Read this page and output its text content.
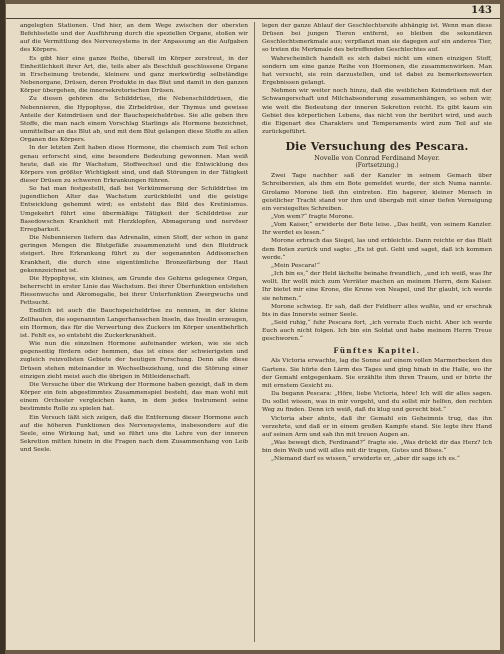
143

angelegten Stationen. Und hier, an dem Wege zwischen der obersten Befehlsstelle und der Ausführung durch die speziellen Organe, stoßen wir auf die Vermittlung des Nervensystems in der Anpassung an die Aufgaben des Körpers.

Es gibt hier eine ganze Reihe, überall im Körper zerstreut, in der Einheitlichkeit ihrer Art, die, teils aber als Beschluß geschlossene Organe in Erscheinung tretende, kleinere und ganz merkwürdig selbständige Nebenorgane, Drüsen, deren Produkte in das Blut und damit in den ganzen Körper übergehen, die innersekretorischen Drüsen.

Zu diesen gehören die Schilddrüse, die Nebenschilddrüsen, die Nebennieren, die Hypophyse, die Zirbeldrüse, der Thymus und gewisse Anteile der Keimdrüsen und der Bauchspeicheldrüse. Sie alle geben ihre Stoffe, die man nach einem Vorschlag Starlings als Hormone bezeichnet, unmittelbar an das Blut ab, und mit dem Blut gelangen diese Stoffe zu allen Organen des Körpers.

In der letzten Zeit haben diese Hormone, die chemisch zum Teil schon genau erforscht sind, eine besondere Bedeutung gewonnen. Man weiß heute, daß sie für Wachstum, Stoffwechsel und die Entwicklung des Körpers von größter Wichtigkeit sind, und daß Störungen in der Tätigkeit dieser Drüsen zu schweren Erkrankungen führen.

So hat man festgestellt, daß bei Verkümmerung der Schilddrüse im jugendlichen Alter das Wachstum zurückbleibt und die geistige Entwicklung gehemmt wird; es entsteht das Bild des Kretinismus. Umgekehrt führt eine übermäßige Tätigkeit der Schilddrüse zur Basedowschen Krankheit mit Herzklopfen, Abmagerung und nervöser Erregbarkeit.

Die Nebennieren liefern das Adrenalin, einen Stoff, der schon in ganz geringen Mengen die Blutgefäße zusammenzieht und den Blutdruck steigert. Ihre Erkrankung führt zu der sogenannten Addisonschen Krankheit, die durch eine eigentümliche Bronzefärbung der Haut gekennzeichnet ist.

Die Hypophyse, ein kleines, am Grunde des Gehirns gelegenes Organ, beherrscht in erster Linie das Wachstum. Bei ihrer Überfunktion entstehen Riesenwuchs und Akromegalie, bei ihrer Unterfunktion Zwergwuchs und Fettsucht.

Endlich ist auch die Bauchspeicheldrüse zu nennen, in der kleine Zellhaufen, die sogenannten Langerhansschen Inseln, das Insulin erzeugen, ein Hormon, das für die Verwertung des Zuckers im Körper unentbehrlich ist. Fehlt es, so entsteht die Zuckerkrankheit.

Wie nun die einzelnen Hormone aufeinander wirken, wie sie sich gegenseitig fördern oder hemmen, das ist eines der schwierigsten und zugleich reizvollsten Gebiete der heutigen Forschung. Denn alle diese Drüsen stehen miteinander in Wechselbeziehung, und die Störung einer einzigen zieht meist auch die übrigen in Mitleidenschaft.

Die Versuche über die Wirkung der Hormone haben gezeigt, daß in dem Körper ein fein abgestimmtes Zusammenspiel besteht, das man wohl mit einem Orchester vergleichen kann, in dem jedes Instrument seine bestimmte Rolle zu spielen hat.

Ein Versuch läßt sich zeigen, daß die Entfernung dieser Hormone auch auf die höheren Funktionen des Nervensystems, insbesondere auf die Seele, eine Wirkung hat, und so führt uns die Lehre von der inneren Sekretion mitten hinein in die Fragen nach dem Zusammenhang von Leib und Seele.

legen der ganze Ablauf der Geschlechtsreife abhängig ist. Wenn man diese Drüsen bei jungen Tieren entfernt, so bleiben die sekundären Geschlechtsmerkmale aus; verpflanzt man sie dagegen auf ein anderes Tier, so treten die Merkmale des betreffenden Geschlechtes auf.

Wahrscheinlich handelt es sich dabei nicht um einen einzigen Stoff, sondern um eine ganze Reihe von Hormonen, die zusammenwirken. Man hat versucht, sie rein darzustellen, und ist dabei zu bemerkenswerten Ergebnissen gelangt.

Nehmen wir weiter noch hinzu, daß die weiblichen Keimdrüsen mit der Schwangerschaft und Milchabsonderung zusammenhängen, so sehen wir, wie weit die Bedeutung der inneren Sekretion reicht. Es gibt kaum ein Gebiet des körperlichen Lebens, das nicht von ihr berührt wird, und auch die Eigenart des Charakters und Temperaments wird zum Teil auf sie zurückgeführt.

Die Versuchung des Pescara.

Novelle von Conrad Ferdinand Meyer.

(Fortsetzung.)

Zwei Tage nachher saß der Kanzler in seinem Gemach über Schreibereien, als ihm ein Bote gemeldet wurde, der sich Numa nannte. Girolamo Morone ließ ihn eintreten. Ein hagerer, kleiner Mensch in geistlicher Tracht stand vor ihm und übergab mit einer tiefen Verneigung ein versiegeltes Schreiben.

„Von wem?“ fragte Morone.

„Vom Kaiser,“ erwiderte der Bote leise. „Das heißt, von seinem Kanzler. Ihr werdet es lesen.“

Morone erbrach das Siegel, las und erbleichte. Dann reichte er das Blatt dem Boten zurück und sagte: „Es ist gut. Geht und saget, daß ich kommen werde.“

„Mein Pescara!“

„Ich bin es,“ der Held lächelte beinahe freundlich, „und ich weiß, was Ihr wollt. Ihr wollt mich zum Verräter machen an meinem Herrn, dem Kaiser. Ihr bietet mir eine Krone, die Krone von Neapel, und Ihr glaubt, ich werde sie nehmen.“

Morone schwieg. Er sah, daß der Feldherr alles wußte, und er erschrak bis in das Innerste seiner Seele.

„Seid ruhig,“ fuhr Pescara fort, „ich verrate Euch nicht. Aber ich werde Euch auch nicht folgen. Ich bin ein Soldat und habe meinem Herrn Treue geschworen.“

Fünftes Kapitel.

Als Victoria erwachte, lag die Sonne auf einem vollen Marmorbecken des Gartens. Sie hörte den Lärm des Tages und ging hinab in die Halle, wo ihr der Gemahl entgegenkam. Sie erzählte ihm ihren Traum, und er hörte ihr mit ernstem Gesicht zu.

Da begann Pescara: „Höre, liebe Victoria, höre! Ich will dir alles sagen. Du sollst wissen, was in mir vorgeht, und du sollst mir helfen, den rechten Weg zu finden. Denn ich weiß, daß du klug und gerecht bist.“

Victoria aber ahnte, daß ihr Gemahl ein Geheimnis trug, das ihn verzehrte, und daß er in einem großen Kampfe stand. Sie legte ihre Hand auf seinen Arm und sah ihn mit treuen Augen an.

„Was bewegt dich, Ferdinand?“ fragte sie. „Was drückt dir das Herz? Ich bin dein Weib und will alles mit dir tragen, Gutes und Böses.“

„Niemand darf es wissen,“ erwiderte er, „aber dir sage ich es.“
